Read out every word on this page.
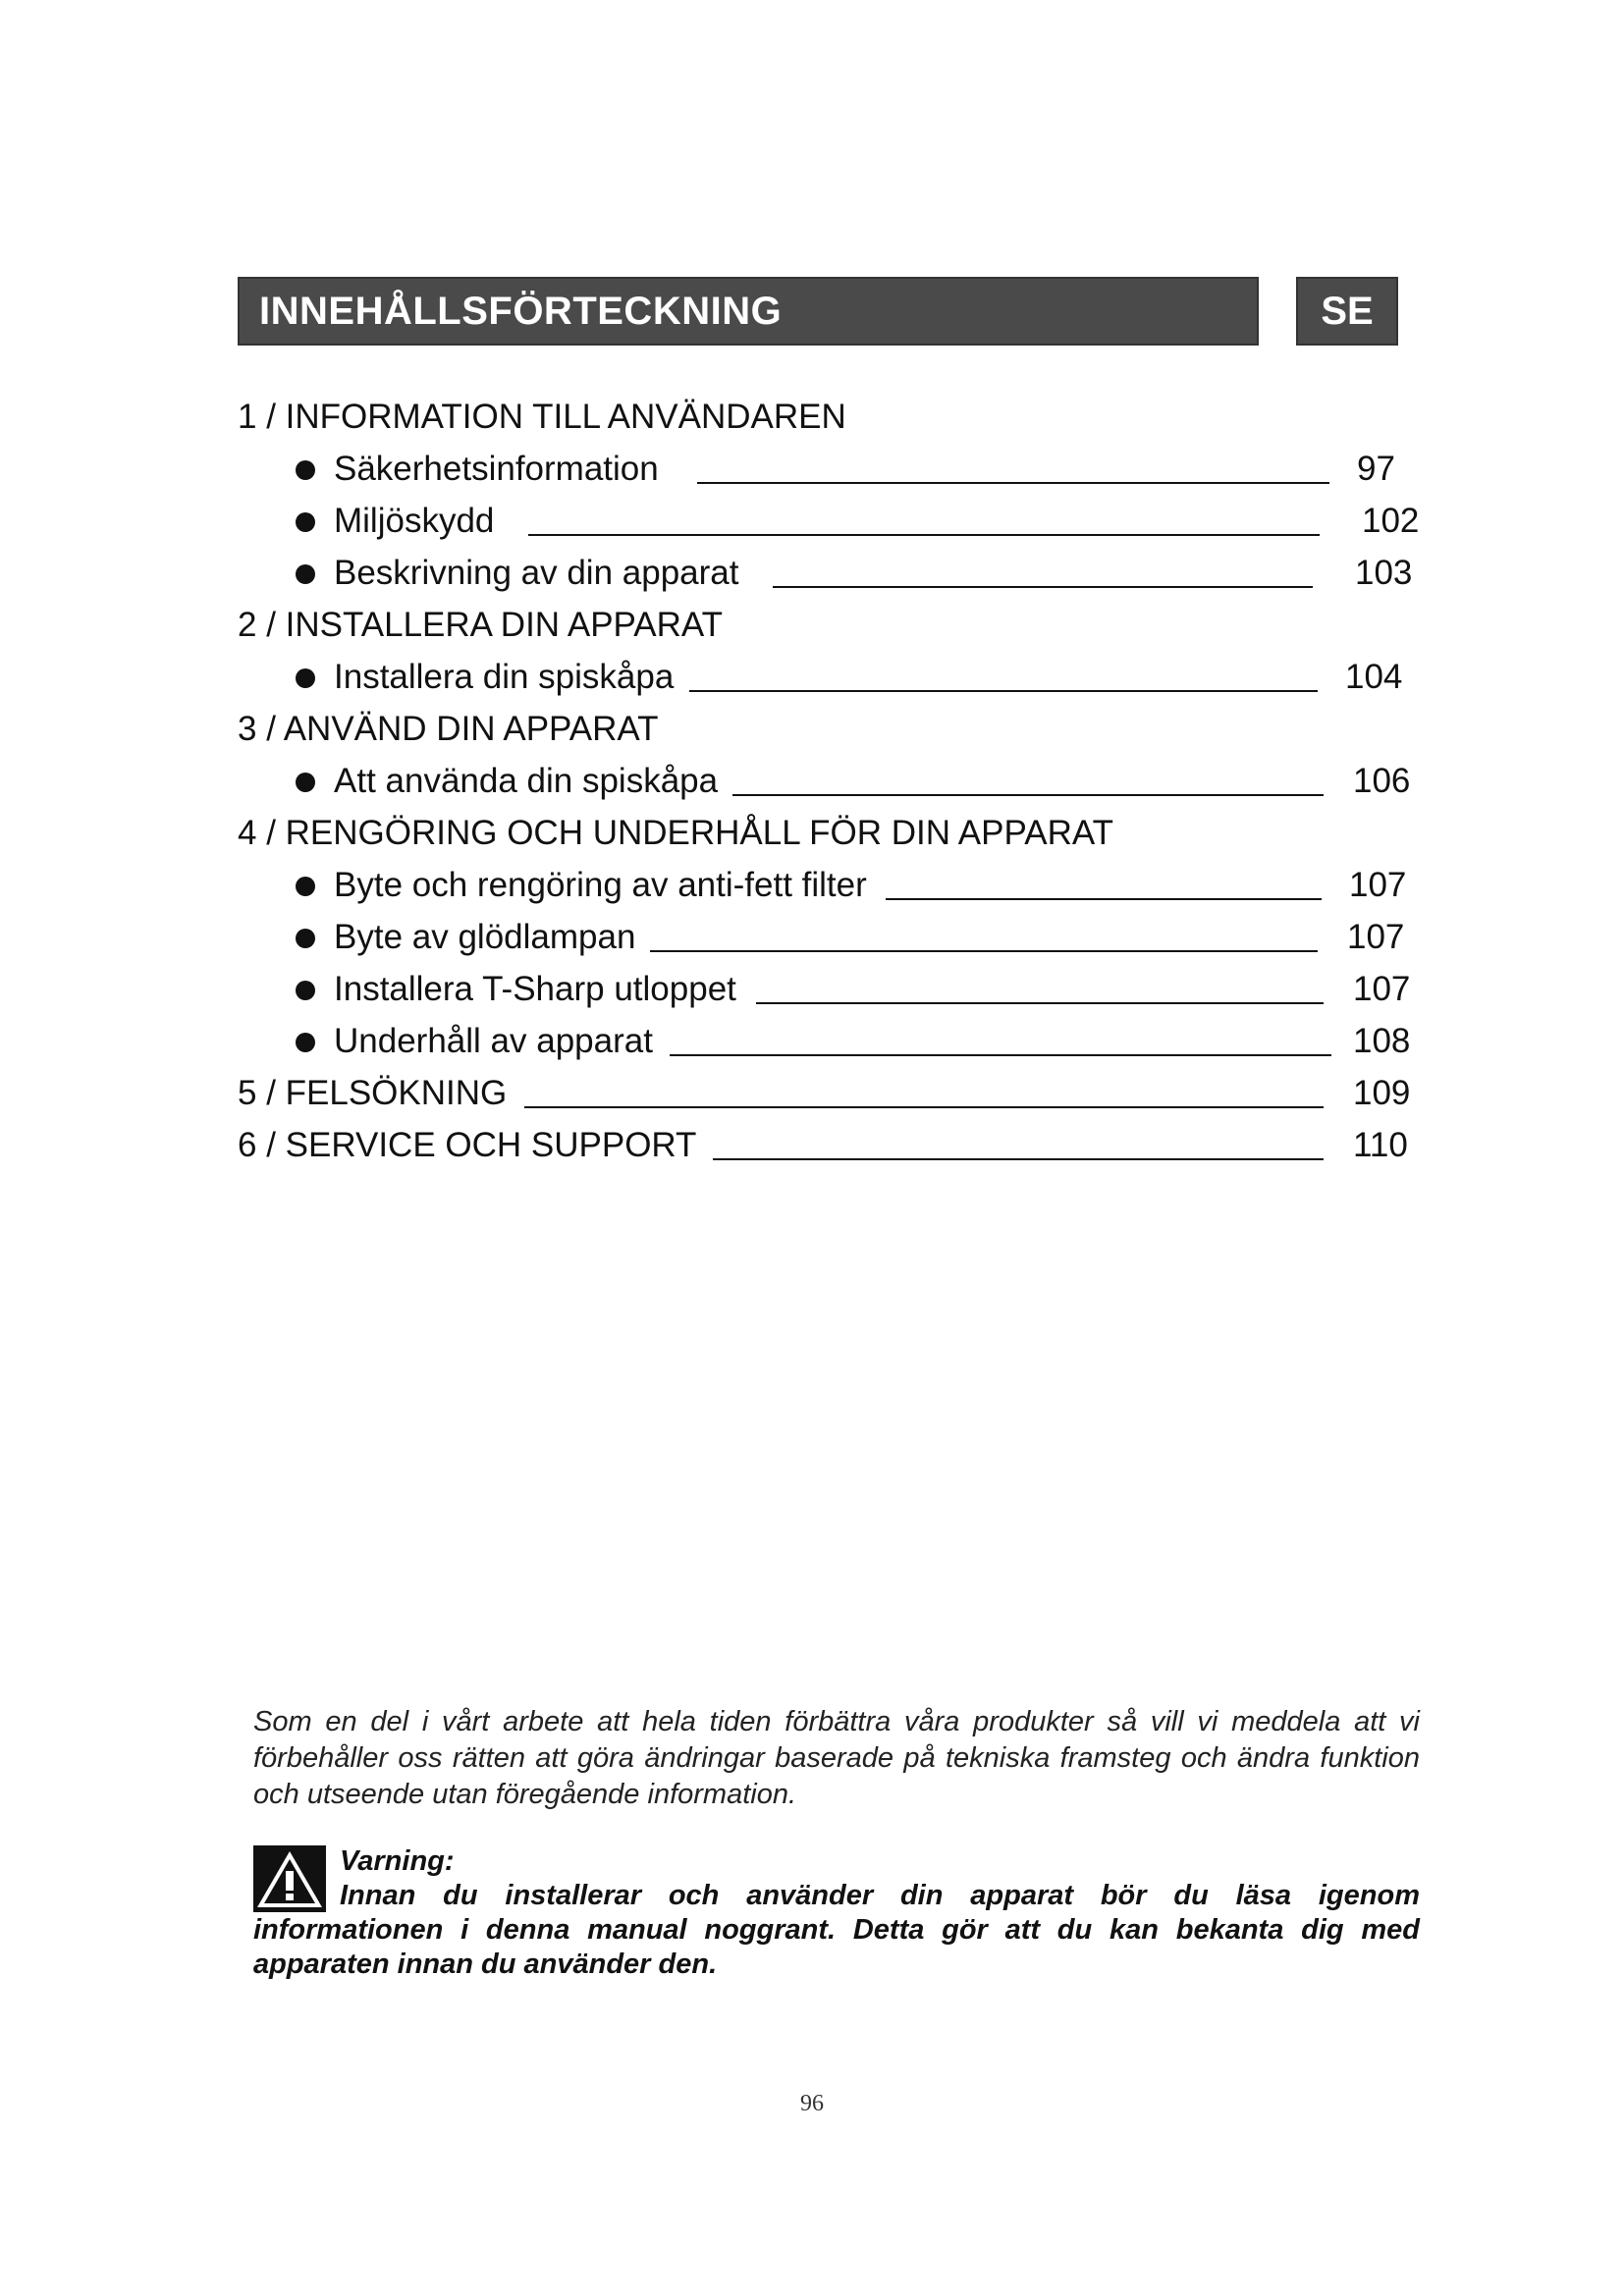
INNEHÅLLSFÖRTECKNING	SE
1 / INFORMATION TILL ANVÄNDAREN
Säkerhetsinformation	97
Miljöskydd	102
Beskrivning av din apparat	103
2 / INSTALLERA DIN APPARAT
Installera din spiskåpa	104
3 / ANVÄND DIN APPARAT
Att använda din spiskåpa	106
4 / RENGÖRING OCH UNDERHÅLL FÖR DIN APPARAT
Byte och rengöring av anti-fett filter	107
Byte av glödlampan	107
Installera T-Sharp utloppet	107
Underhåll av apparat	108
5 / FELSÖKNING	109
6 / SERVICE OCH SUPPORT	110
Som en del i vårt arbete att hela tiden förbättra våra produkter så vill vi meddela att vi förbehåller oss rätten att göra ändringar baserade på tekniska framsteg och ändra funktion och utseende utan föregående information.
Varning:
Innan du installerar och använder din apparat bör du läsa igenom informationen i denna manual noggrant. Detta gör att du kan bekanta dig med apparaten innan du använder den.
96
